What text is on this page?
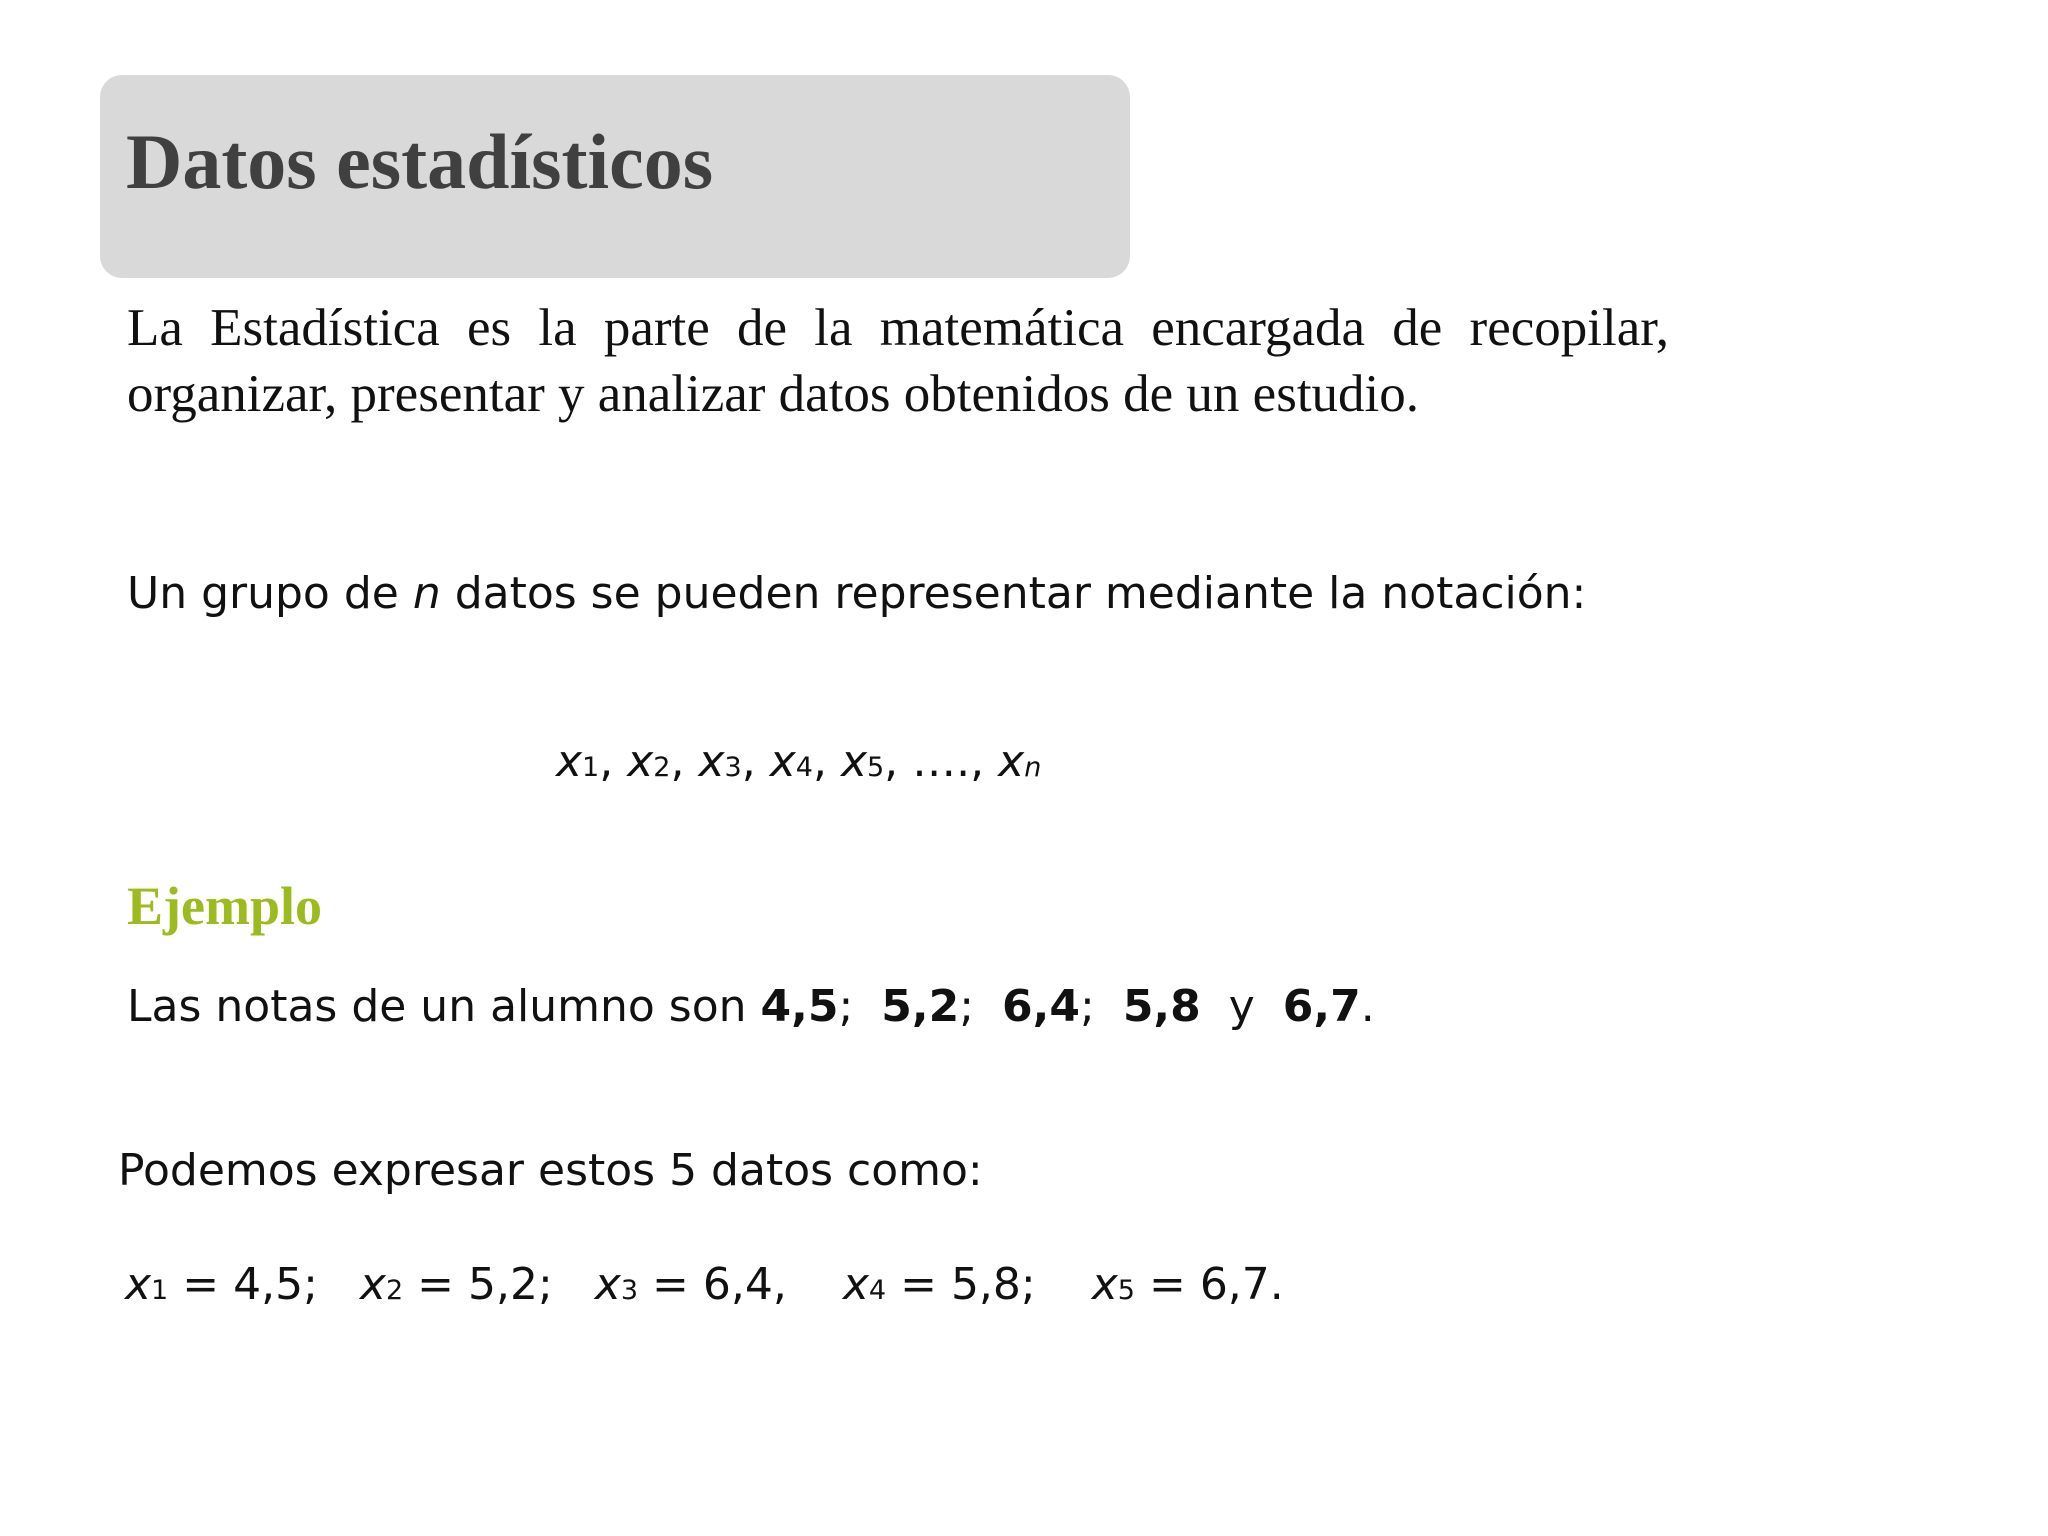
Datos estadísticos

La Estadística es la parte de la matemática encargada de recopilar, organizar, presentar y analizar datos obtenidos de un estudio.

Un grupo de n datos se pueden representar mediante la notación:

x1, x2, x3, x4, x5, …., xn

Ejemplo

Las notas de un alumno son 4,5; 5,2; 6,4; 5,8 y 6,7.

Podemos expresar estos 5 datos como:

x1 = 4,5; x2 = 5,2; x3 = 6,4, x4 = 5,8; x5 = 6,7.
